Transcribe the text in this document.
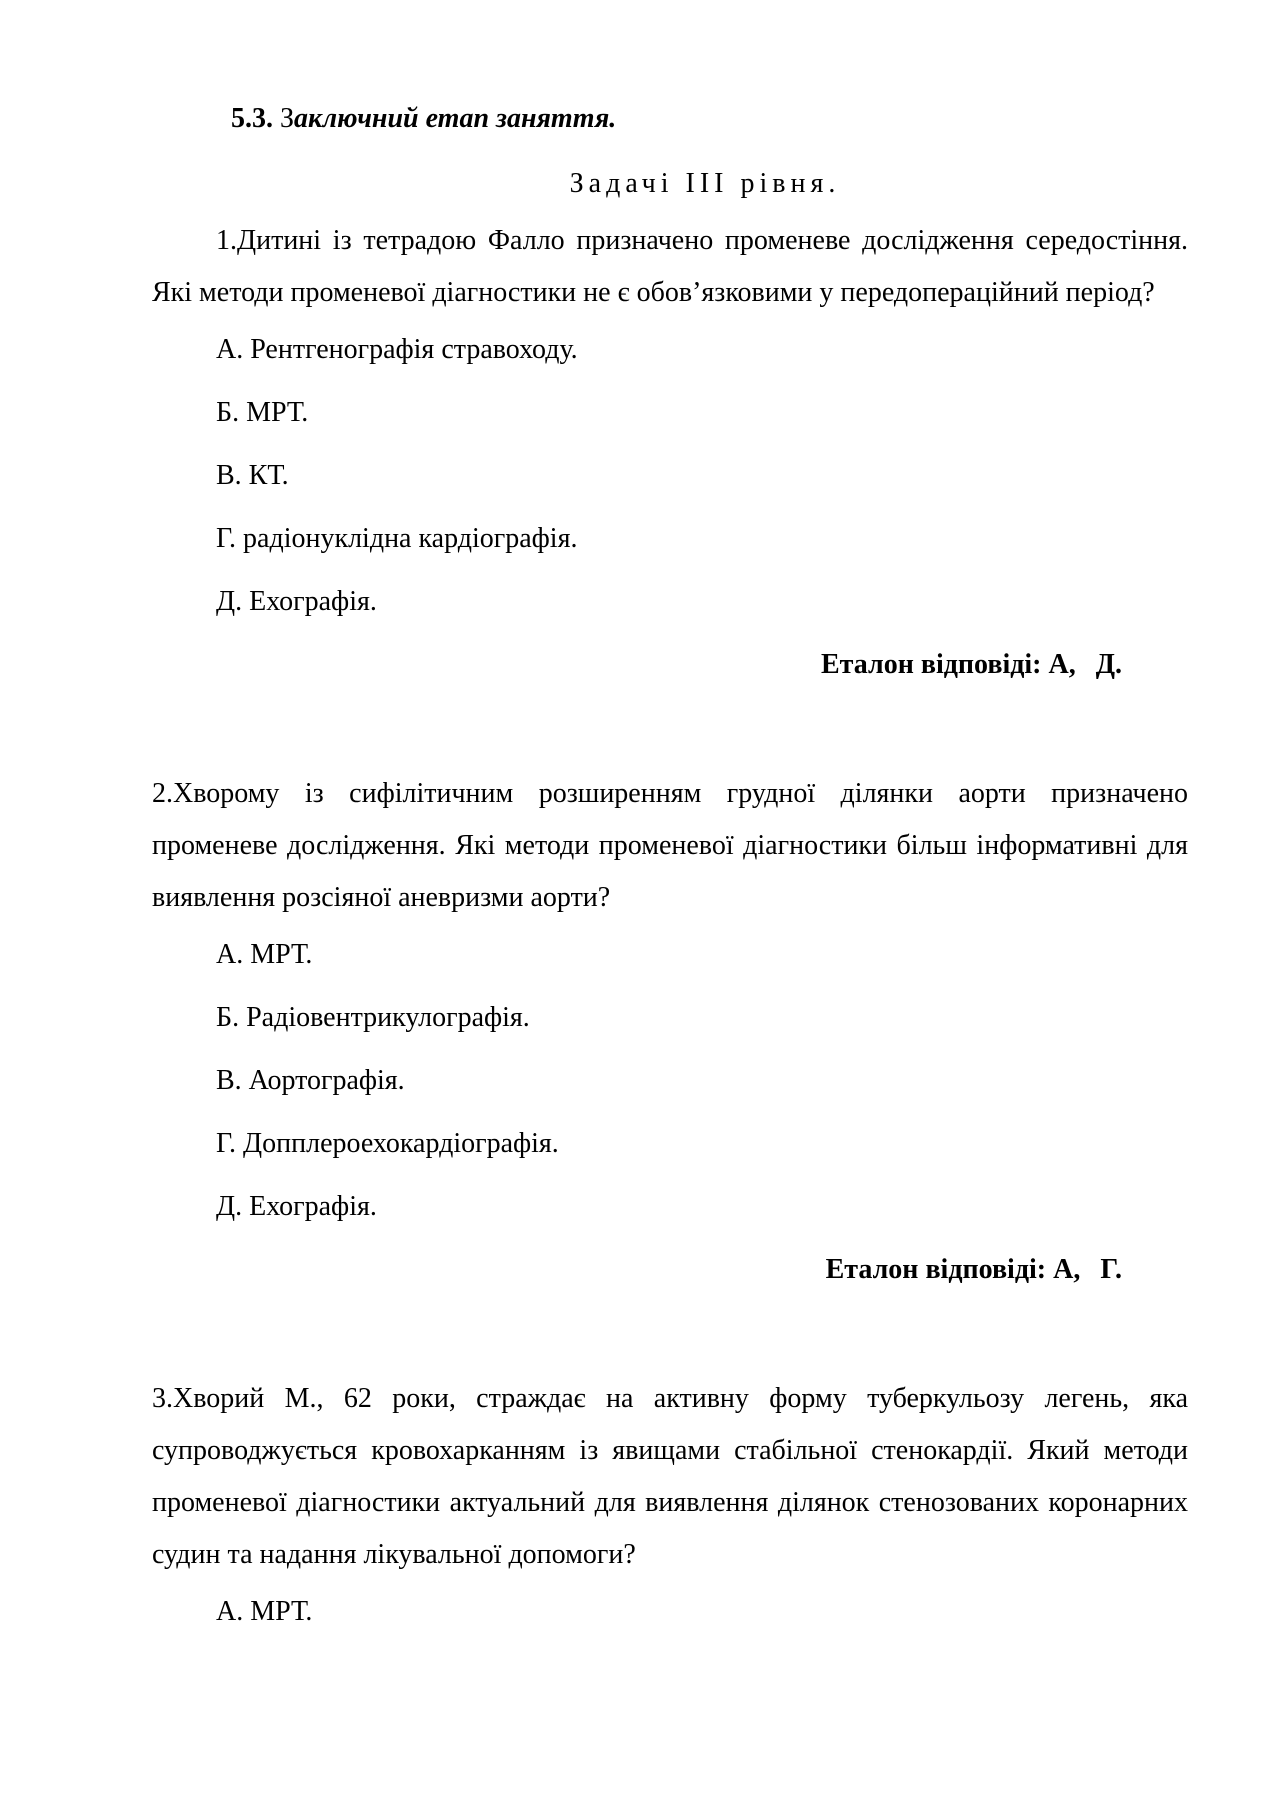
5.3. Заключний етап заняття.
Задачі III рівня.

1.Дитині із тетрадою Фалло призначено променеве дослідження середостіння. Які методи променевої діагностики не є обов’язковими у передопераційний період?

А. Рентгенографія стравоходу.
Б. МРТ.
В. КТ.
Г. радіонуклідна кардіографія.
Д. Ехографія.
Еталон відповіді: А, Д.

2.Хворому із сифілітичним розширенням грудної ділянки аорти призначено променеве дослідження. Які методи променевої діагностики більш інформативні для виявлення розсіяної аневризми аорти?

А. МРТ.
Б. Радіовентрикулографія.
В. Аортографія.
Г. Допплероехокардіографія.
Д. Ехографія.
Еталон відповіді: А, Г.

3.Хворий М., 62 роки, страждає на активну форму туберкульозу легень, яка супроводжується кровохарканням із явищами стабільної стенокардії. Який методи променевої діагностики актуальний для виявлення ділянок стенозованих коронарних судин та надання лікувальної допомоги?

А. МРТ.
